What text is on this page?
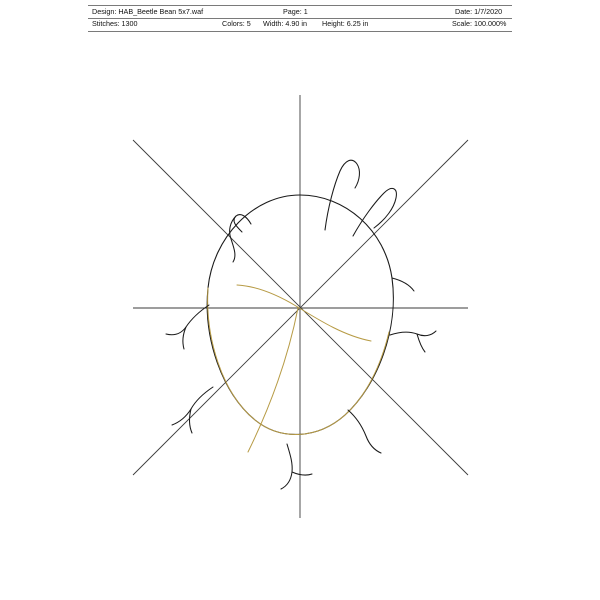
Design: HAB_Beetle Bean 5x7.waf	Page: 1	Date: 1/7/2020
Stitches: 1300	Colors: 5 Width: 4.90 in Height: 6.25 in	Scale: 100.000%
